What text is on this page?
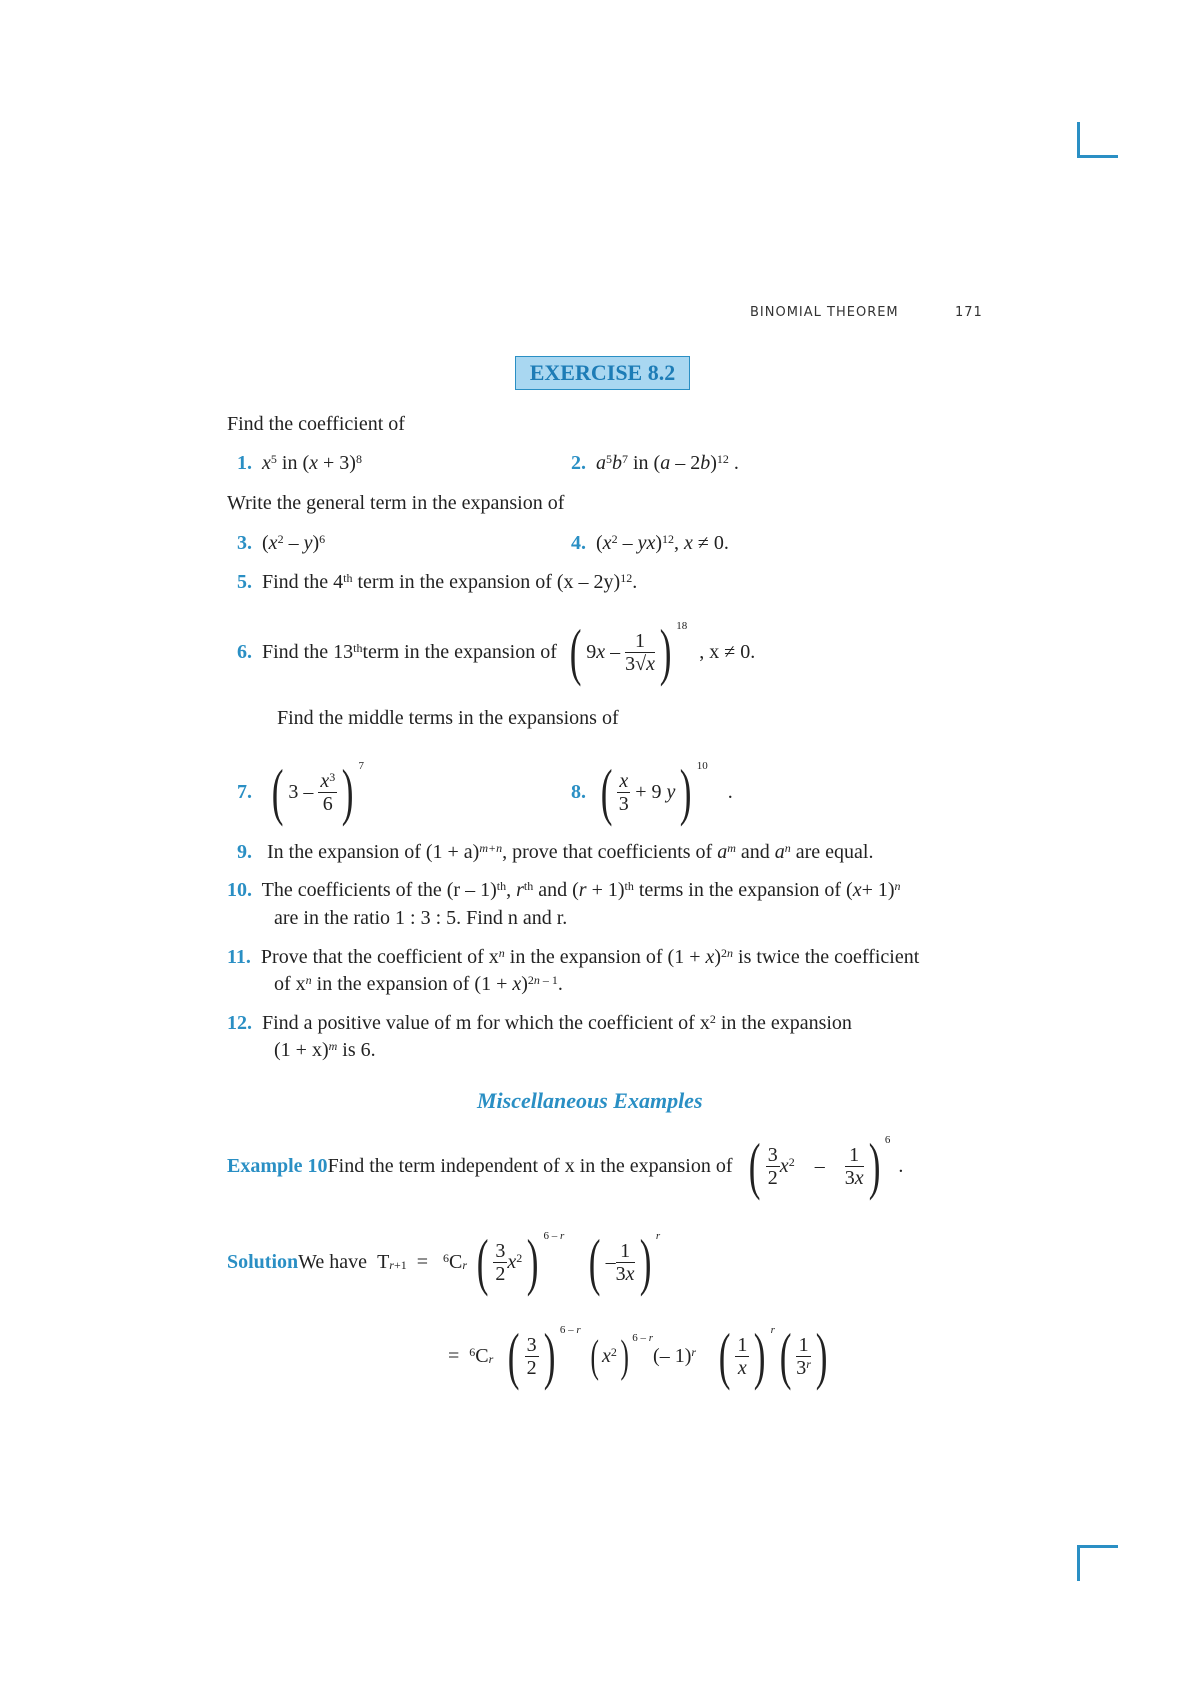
BINOMIAL THEOREM	171
EXERCISE 8.2
Find the coefficient of
1. $x^5$ in $(x + 3)^8$	2. $a^5b^7$ in (a – 2b)$^{12}$ .
Write the general term in the expansion of
3.  $(x^2 - y)^6$	4.  $(x^2 - yx)^{12}$, x ≠ 0.
5. Find the 4th term in the expansion of (x – 2y)$^{12}$.
6.
Find the 13th term in the expansion of ( 9 x – $\frac{1}{3√x}$ ) $^{18}$
, x ≠ 0.
Find the middle terms in the expansions of
7.
( $3 - \frac{x^3}{6}$ ) $^7$
8.
( $\frac{x}{3} + 9$ y ) $^{10}$
.
9. In the expansion of $(1 + a)^{m+n}$, prove that coefficients of $a^m$ and $a^n$ are equal.
10. The coefficients of the (r – 1)$^{th}$, $r^{th}$ and $(r + 1)^{th}$ terms in the expansion of $(x+ 1)^n$
are in the ratio 1 : 3 : 5. Find n and r.
11. Prove that the coefficient of $x^n$ in the expansion of $(1 + x)^{2n}$ is twice the coefficient
of $x^n$ in the expansion of $(1 + x)^{2n - 1}$.
12. Find a positive value of m for which the coefficient of $x^2$ in the expansion
$(1 + x)^m$ is 6.
Miscellaneous Examples
Example 10 Find the term independent of x in the expansion of ( $\frac{3}{2} x^2 - \frac{1}{3x}$ ) $^6$
.
Solution We have T $_{r+1}$ = $^6$ C $_r$
( $\frac{3}{2} x^2$ ) $^{6 - r}$ ( – $\frac{1}{3x}$ ) $^r$
= $^6$ C $_r$
( $\frac{3}{2}$ ) $^{6 - r}$ ( $x^2$ ) $^{6 - r}$
(– 1) $^r$ ( $\frac{1}{x}$ ) $^r$ ( $\frac{1}{3^r}$ )
